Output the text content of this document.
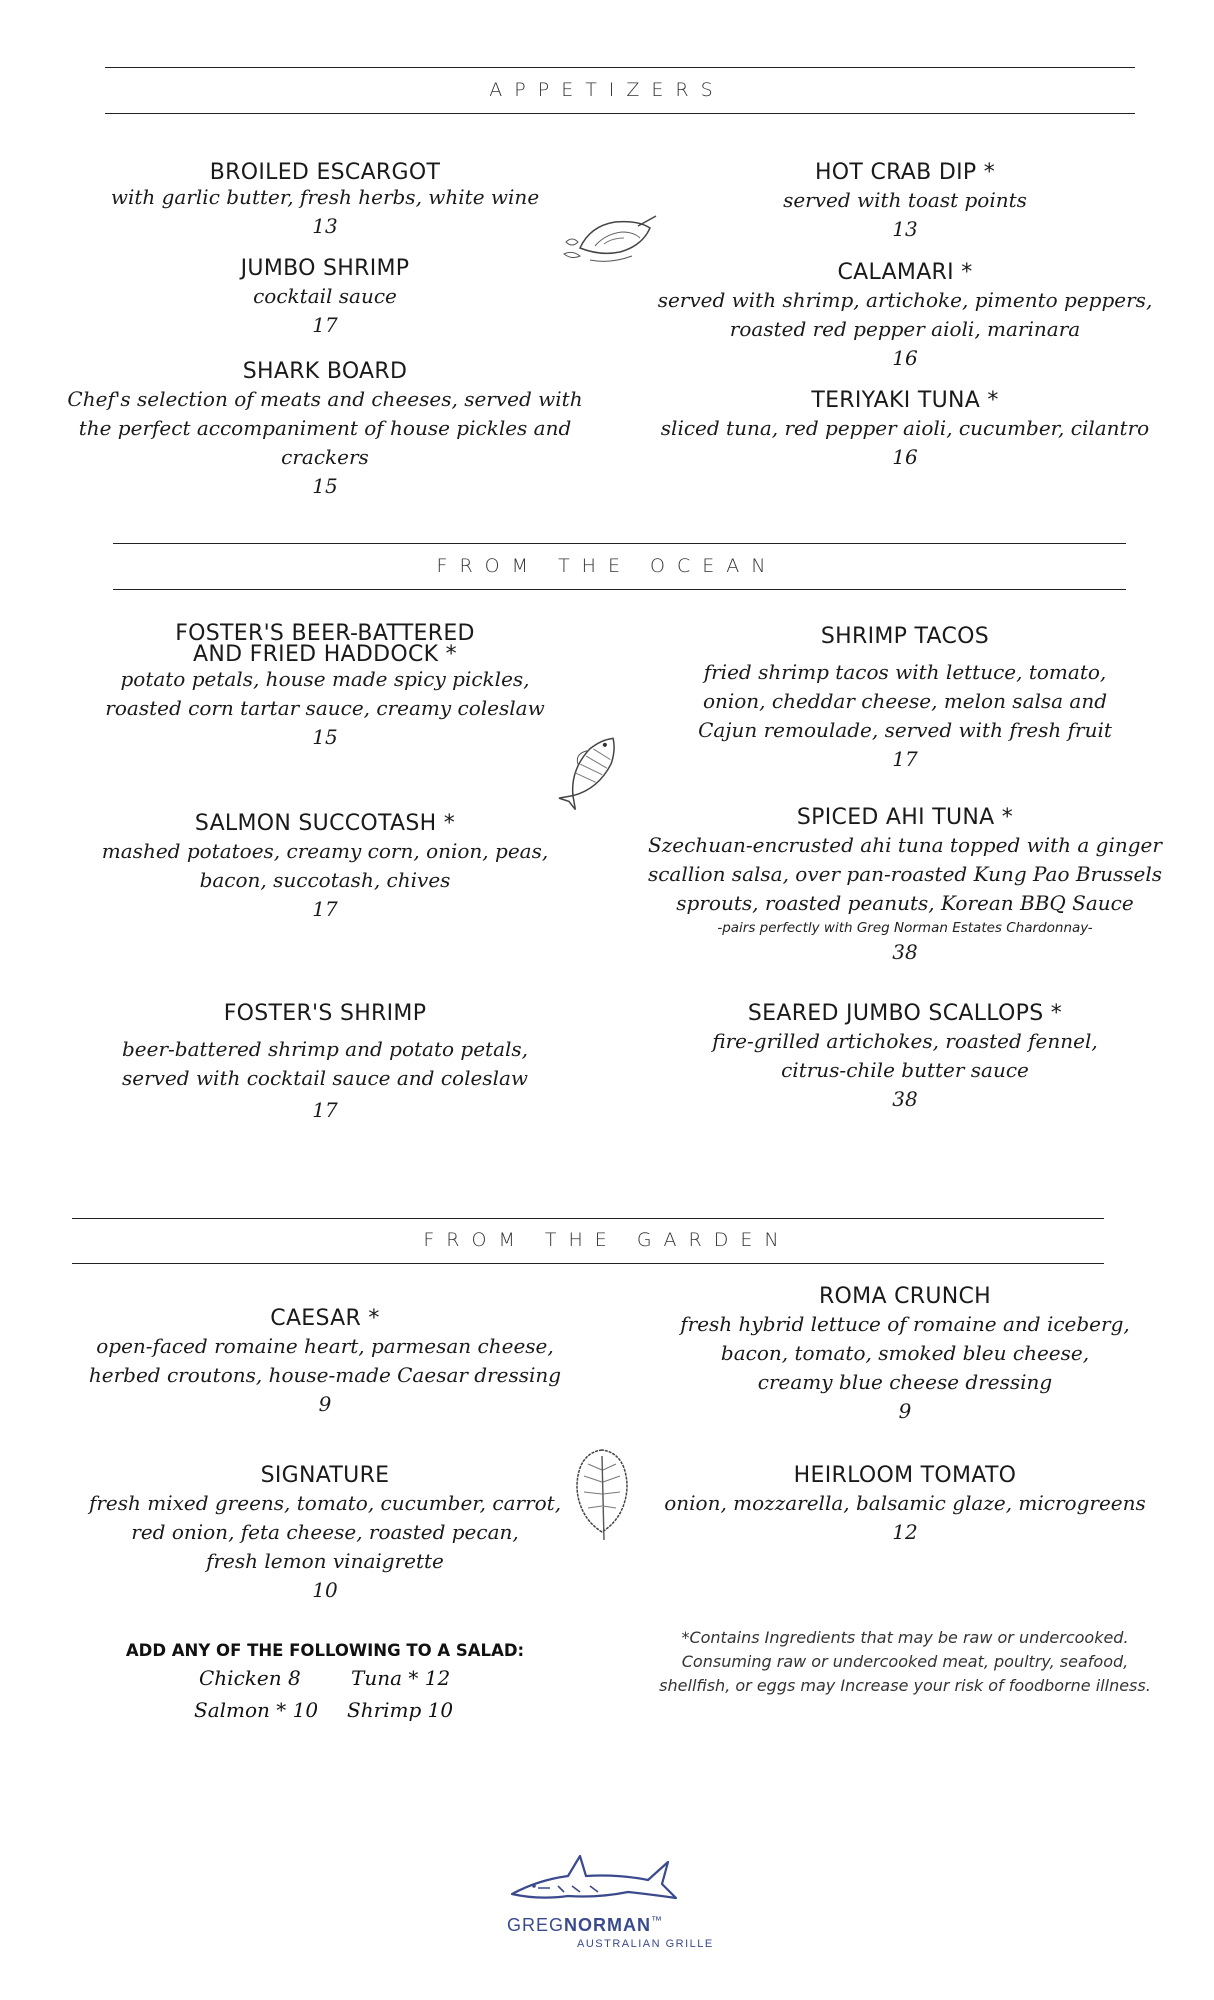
APPETIZERS
BROILED ESCARGOT
with garlic butter, fresh herbs, white wine
13
JUMBO SHRIMP
cocktail sauce
17
SHARK BOARD
Chef's selection of meats and cheeses, served with
the perfect accompaniment of house pickles and
crackers
15
HOT CRAB DIP *
served with toast points
13
CALAMARI *
served with shrimp, artichoke, pimento peppers,
roasted red pepper aioli, marinara
16
TERIYAKI TUNA *
sliced tuna, red pepper aioli, cucumber, cilantro
16
FROM THE OCEAN
FOSTER'S BEER-BATTERED
AND FRIED HADDOCK *
potato petals, house made spicy pickles,
roasted corn tartar sauce, creamy coleslaw
15
SALMON SUCCOTASH *
mashed potatoes, creamy corn, onion, peas,
bacon, succotash, chives
17
FOSTER'S SHRIMP
beer-battered shrimp and potato petals,
served with cocktail sauce and coleslaw
17
SHRIMP TACOS
fried shrimp tacos with lettuce, tomato,
onion, cheddar cheese, melon salsa and
Cajun remoulade, served with fresh fruit
17
SPICED AHI TUNA *
Szechuan-encrusted ahi tuna topped with a ginger
scallion salsa, over pan-roasted Kung Pao Brussels
sprouts, roasted peanuts, Korean BBQ Sauce
-pairs perfectly with Greg Norman Estates Chardonnay-
38
SEARED JUMBO SCALLOPS *
fire-grilled artichokes, roasted fennel,
citrus-chile butter sauce
38
FROM THE GARDEN
CAESAR *
open-faced romaine heart, parmesan cheese,
herbed croutons, house-made Caesar dressing
9
SIGNATURE
fresh mixed greens, tomato, cucumber, carrot,
red onion, feta cheese, roasted pecan,
fresh lemon vinaigrette
10
ROMA CRUNCH
fresh hybrid lettuce of romaine and iceberg,
bacon, tomato, smoked bleu cheese,
creamy blue cheese dressing
9
HEIRLOOM TOMATO
onion, mozzarella, balsamic glaze, microgreens
12
ADD ANY OF THE FOLLOWING TO A SALAD:
Chicken 8	Tuna * 12
Salmon * 10 Shrimp 10
*Contains Ingredients that may be raw or undercooked.
Consuming raw or undercooked meat, poultry, seafood,
shellfish, or eggs may Increase your risk of foodborne illness.
GREGNORMAN™
AUSTRALIAN GRILLE
